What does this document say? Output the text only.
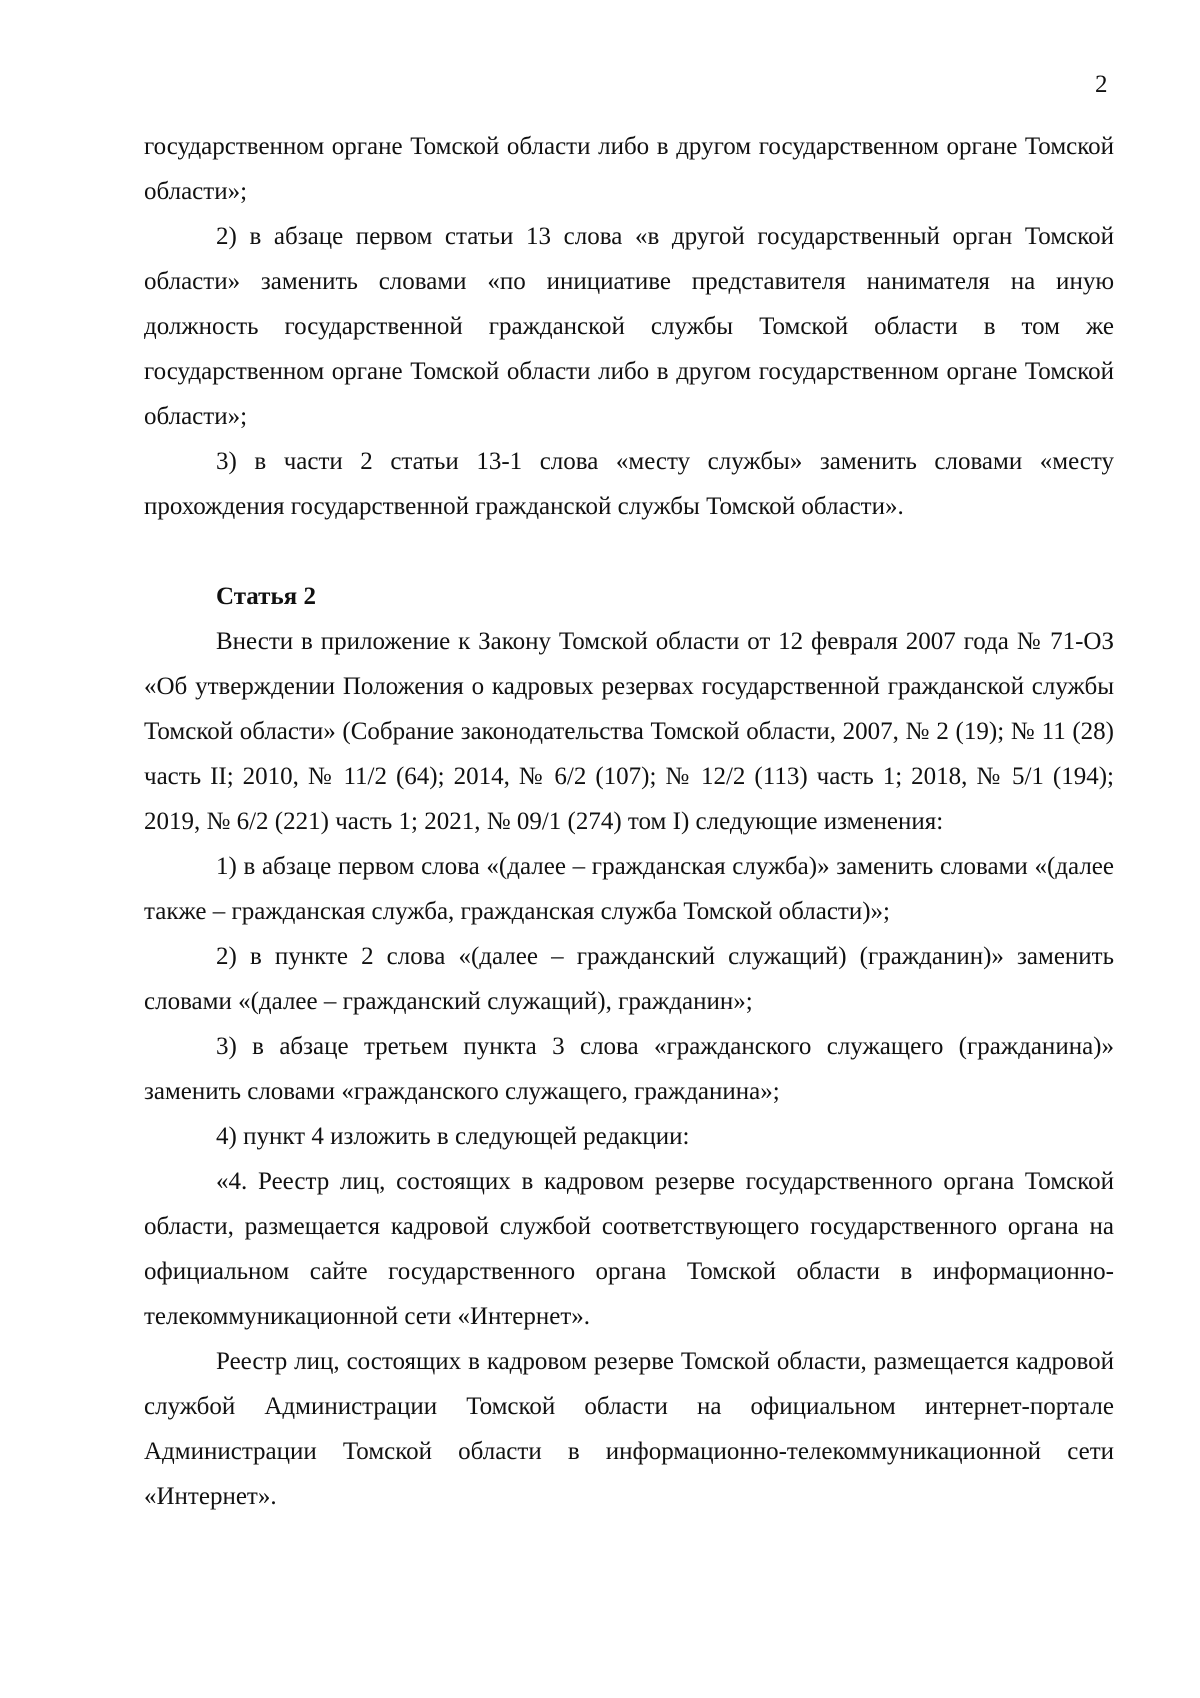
2

государственном органе Томской области либо в другом государственном органе Томской области»;

2) в абзаце первом статьи 13 слова «в другой государственный орган Томской области» заменить словами «по инициативе представителя нанимателя на иную должность государственной гражданской службы Томской области в том же государственном органе Томской области либо в другом государственном органе Томской области»;

3) в части 2 статьи 13-1 слова «месту службы» заменить словами «месту прохождения государственной гражданской службы Томской области».

Статья 2

Внести в приложение к Закону Томской области от 12 февраля 2007 года № 71-ОЗ «Об утверждении Положения о кадровых резервах государственной гражданской службы Томской области» (Собрание законодательства Томской области, 2007, № 2 (19); № 11 (28) часть II; 2010, № 11/2 (64); 2014, № 6/2 (107); № 12/2 (113) часть 1; 2018, № 5/1 (194); 2019, № 6/2 (221) часть 1; 2021, № 09/1 (274) том I) следующие изменения:

1) в абзаце первом слова «(далее – гражданская служба)» заменить словами «(далее также – гражданская служба, гражданская служба Томской области)»;

2) в пункте 2 слова «(далее – гражданский служащий) (гражданин)» заменить словами «(далее – гражданский служащий), гражданин»;

3) в абзаце третьем пункта 3 слова «гражданского служащего (гражданина)» заменить словами «гражданского служащего, гражданина»;

4) пункт 4 изложить в следующей редакции:

«4. Реестр лиц, состоящих в кадровом резерве государственного органа Томской области, размещается кадровой службой соответствующего государственного органа на официальном сайте государственного органа Томской области в информационно-телекоммуникационной сети «Интернет».

Реестр лиц, состоящих в кадровом резерве Томской области, размещается кадровой службой Администрации Томской области на официальном интернет-портале Администрации Томской области в информационно-телекоммуникационной сети «Интернет».
